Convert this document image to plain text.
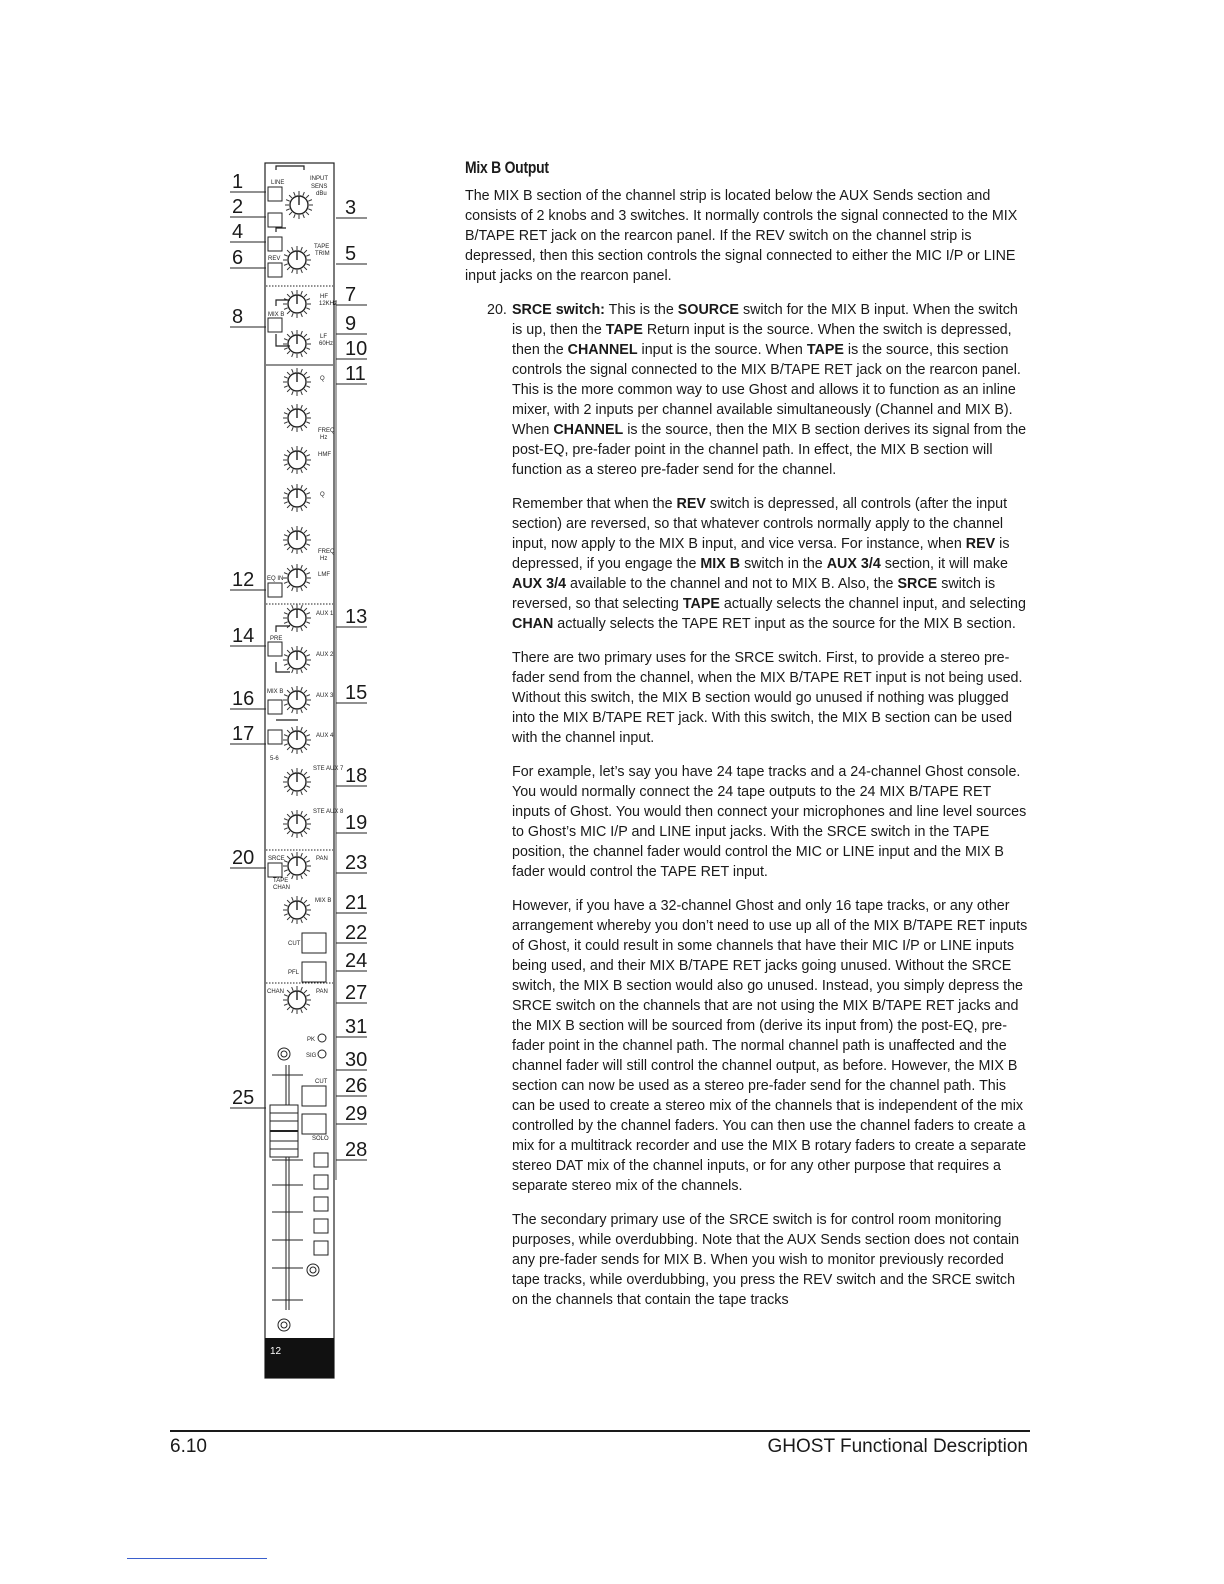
12
LINE
INPUT
SENS
dBu
TAPE
TRIM
REV
MIX B
HF
12KHz
LF
60Hz
Q
FREQ
Hz
HMF
Q
FREQ
Hz
LMF
EQ IN
AUX 1
PRE
AUX 2
MIX B
AUX 3
AUX 4
5-6
STE AUX 7
STE AUX 8
SRCE	PAN
TAPE
CHAN
MIX B
CUT
PFL
CHAN	PAN
PK
SIG
CUT
SOLO
1
2
4
6
8
12
14
16
17
20
25
3
5
7
9
10
11
13
15
18
19
23
21
22
24
27
31
30
26
29
28
Mix B Output

The MIX B section of the channel strip is located below the AUX Sends section and consists of 2 knobs and 3 switches. It normally controls the signal connected to the MIX B/TAPE RET jack on the rearcon panel. If the REV switch on the channel strip is depressed, then this section controls the signal connected to either the MIC I/P or LINE input jacks on the rearcon panel.

20. SRCE switch: This is the SOURCE switch for the MIX B input. When the switch is up, then the TAPE Return input is the source. When the switch is depressed, then the CHANNEL input is the source. When TAPE is the source, this section controls the signal connected to the MIX B/TAPE RET jack on the rearcon panel. This is the more common way to use Ghost and allows it to function as an inline mixer, with 2 inputs per channel available simultaneously (Channel and MIX B). When CHANNEL is the source, then the MIX B section derives its signal from the post-EQ, pre-fader point in the channel path. In effect, the MIX B section will function as a stereo pre-fader send for the channel.

Remember that when the REV switch is depressed, all controls (after the input section) are reversed, so that whatever controls normally apply to the channel input, now apply to the MIX B input, and vice versa. For instance, when REV is depressed, if you engage the MIX B switch in the AUX 3/4 section, it will make AUX 3/4 available to the channel and not to MIX B. Also, the SRCE switch is reversed, so that selecting TAPE actually selects the channel input, and selecting CHAN actually selects the TAPE RET input as the source for the MIX B section.

There are two primary uses for the SRCE switch. First, to provide a stereo pre-fader send from the channel, when the MIX B/TAPE RET input is not being used. Without this switch, the MIX B section would go unused if nothing was plugged into the MIX B/TAPE RET jack. With this switch, the MIX B section can be used with the channel input.

For example, let’s say you have 24 tape tracks and a 24-channel Ghost console. You would normally connect the 24 tape outputs to the 24 MIX B/TAPE RET inputs of Ghost. You would then connect your microphones and line level sources to Ghost’s MIC I/P and LINE input jacks. With the SRCE switch in the TAPE position, the channel fader would control the MIC or LINE input and the MIX B fader would control the TAPE RET input.

However, if you have a 32-channel Ghost and only 16 tape tracks, or any other arrangement whereby you don’t need to use up all of the MIX B/TAPE RET inputs of Ghost, it could result in some channels that have their MIC I/P or LINE inputs being used, and their MIX B/TAPE RET jacks going unused. Without the SRCE switch, the MIX B section would also go unused. Instead, you simply depress the SRCE switch on the channels that are not using the MIX B/TAPE RET jacks and the MIX B section will be sourced from (derive its input from) the post-EQ, pre-fader point in the channel path. The normal channel path is unaffected and the channel fader will still control the channel output, as before. However, the MIX B section can now be used as a stereo pre-fader send for the channel path. This can be used to create a stereo mix of the channels that is independent of the mix controlled by the channel faders. You can then use the channel faders to create a mix for a multitrack recorder and use the MIX B rotary faders to create a separate stereo DAT mix of the channel inputs, or for any other purpose that requires a separate stereo mix of the channels.

The secondary primary use of the SRCE switch is for control room monitoring purposes, while overdubbing. Note that the AUX Sends section does not contain any pre-fader sends for MIX B. When you wish to monitor previously recorded tape tracks, while overdubbing, you press the REV switch and the SRCE switch on the channels that contain the tape tracks

6.10	GHOST Functional Description
